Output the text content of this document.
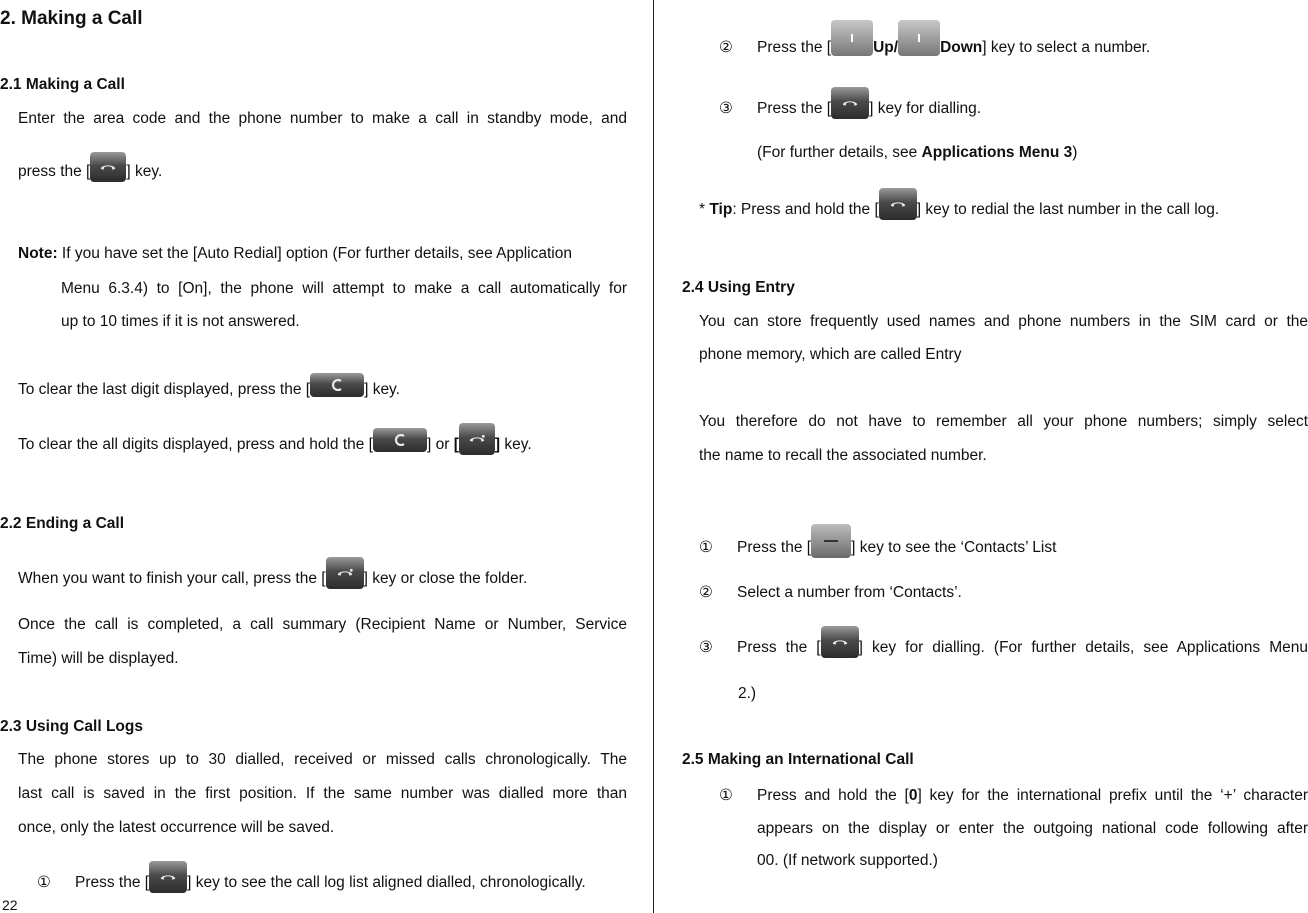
2. Making a Call
2.1 Making a Call
Enter the area code and the phone number to make a call in standby mode, and
press the [ ] key.
Note: If you have set the [Auto Redial] option (For further details, see Application
Menu 6.3.4) to [On], the phone will attempt to make a call automatically for
up to 10 times if it is not answered.
To clear the last digit displayed, press the [	] key.
To clear the all digits displayed, press and hold the [	] or [ ] key.
2.2 Ending a Call
When you want to finish your call, press the [ ] key or close the folder.
Once the call is completed, a call summary (Recipient Name or Number, Service
Time) will be displayed.
2.3 Using Call Logs
The phone stores up to 30 dialled, received or missed calls chronologically. The
last call is saved in the first position. If the same number was dialled more than
once, only the latest occurrence will be saved.
① Press the [ ] key to see the call log list aligned dialled, chronologically.
22
② Press the [	Up/	Down] key to select a number.
③ Press the [ ] key for dialling.
(For further details, see Applications Menu 3)
* Tip: Press and hold the [ ] key to redial the last number in the call log.
2.4 Using Entry
You can store frequently used names and phone numbers in the SIM card or the
phone memory, which are called Entry
You therefore do not have to remember all your phone numbers; simply select
the name to recall the associated number.
① Press the [	] key to see the ‘Contacts’ List
② Select a number from ‘Contacts’.
③ Press the [ ] key for dialling. (For further details, see Applications Menu
2.)
2.5 Making an International Call
① Press and hold the [0] key for the international prefix until the ‘+’ character
appears on the display or enter the outgoing national code following after
00. (If network supported.)
